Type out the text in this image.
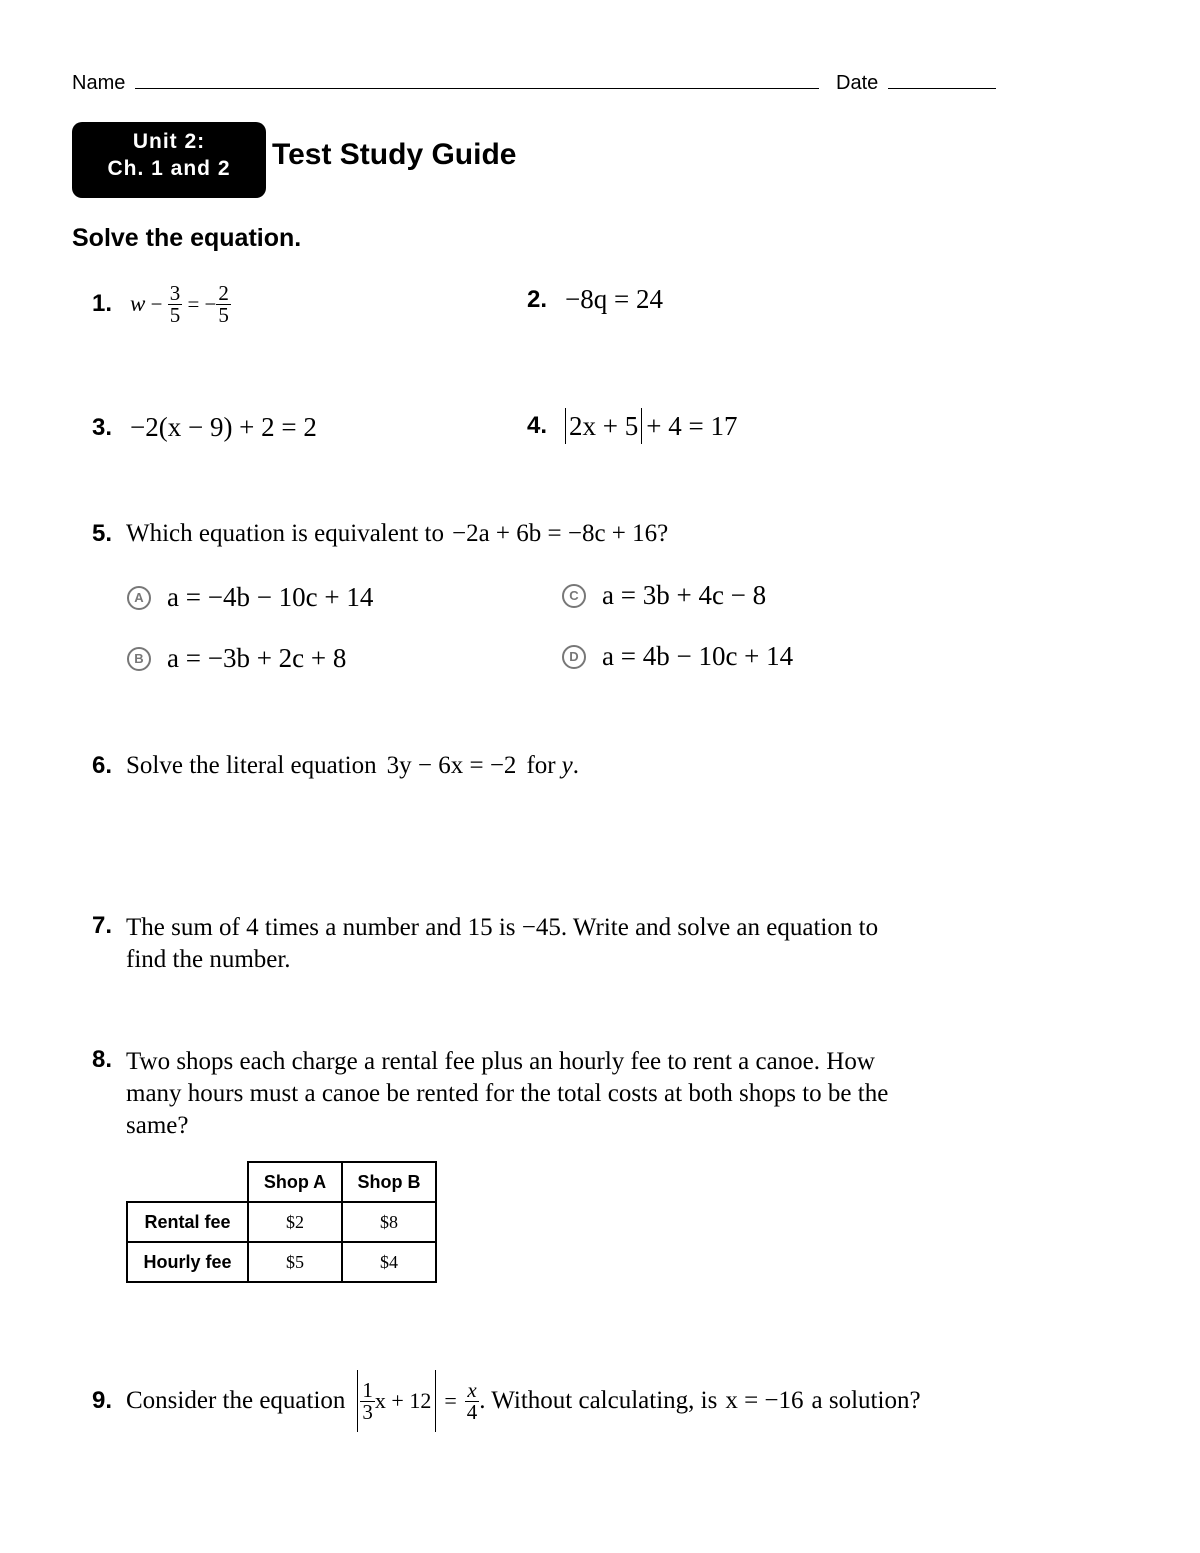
Name	Date
Unit 2:
Ch. 1 and 2	Test Study Guide
Solve the equation.
1. $w - \frac{3}{5}$ = − $\frac{2}{5}$	2. −8q = 24
3. −2(x − 9) + 2 = 2	4. 2x + 5 + 4 = 17
5. Which equation is equivalent to −2a + 6b = −8c + 16?
A a = −4b − 10c + 14
B a = −3b + 2c + 8
C a = 3b + 4c − 8
D a = 4b − 10c + 14
6. Solve the literal equation 3y − 6x = −2 for y .
7. The sum of 4 times a number and 15 is −45. Write and solve an equation to
find the number.
8. Two shops each charge a rental fee plus an hourly fee to rent a canoe. How
many hours must a canoe be rented for the total costs at both shops to be the
same?
	Shop A	Shop B
Rental fee	$2	$8
Hourly fee	$5	$4
9. Consider the equation $\frac{1}{3}$ $x + 12 = \frac{x}{4}$ . Without calculating, is x = −16 a solution?
